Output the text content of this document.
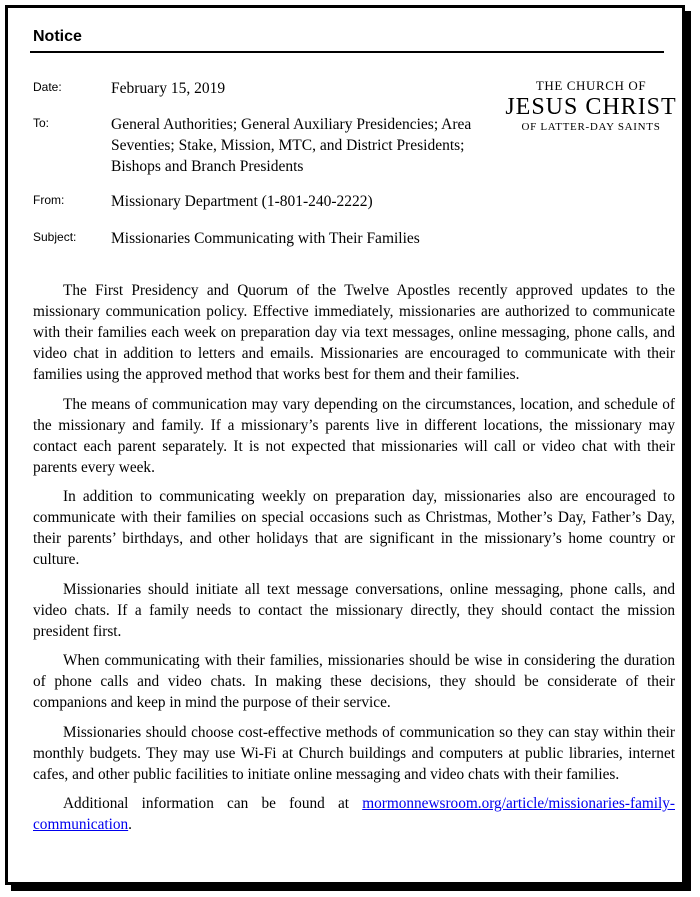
Notice
Date:	February 15, 2019
To:	General Authorities; General Auxiliary Presidencies; Area Seventies; Stake, Mission, MTC, and District Presidents; Bishops and Branch Presidents
From:	Missionary Department (1-801-240-2222)
Subject: Missionaries Communicating with Their Families
THE CHURCH OF
JESUS CHRIST
OF LATTER-DAY SAINTS

The First Presidency and Quorum of the Twelve Apostles recently approved updates to the missionary communication policy. Effective immediately, missionaries are authorized to communicate with their families each week on preparation day via text messages, online messaging, phone calls, and video chat in addition to letters and emails. Missionaries are encouraged to communicate with their families using the approved method that works best for them and their families.

The means of communication may vary depending on the circumstances, location, and schedule of the missionary and family. If a missionary’s parents live in different locations, the missionary may contact each parent separately. It is not expected that missionaries will call or video chat with their parents every week.

In addition to communicating weekly on preparation day, missionaries also are encouraged to communicate with their families on special occasions such as Christmas, Mother’s Day, Father’s Day, their parents’ birthdays, and other holidays that are significant in the missionary’s home country or culture.

Missionaries should initiate all text message conversations, online messaging, phone calls, and video chats. If a family needs to contact the missionary directly, they should contact the mission president first.

When communicating with their families, missionaries should be wise in considering the duration of phone calls and video chats. In making these decisions, they should be considerate of their companions and keep in mind the purpose of their service.

Missionaries should choose cost-effective methods of communication so they can stay within their monthly budgets. They may use Wi-Fi at Church buildings and computers at public libraries, internet cafes, and other public facilities to initiate online messaging and video chats with their families.

Additional information can be found at mormonnewsroom.org/article/missionaries-family-communication.
